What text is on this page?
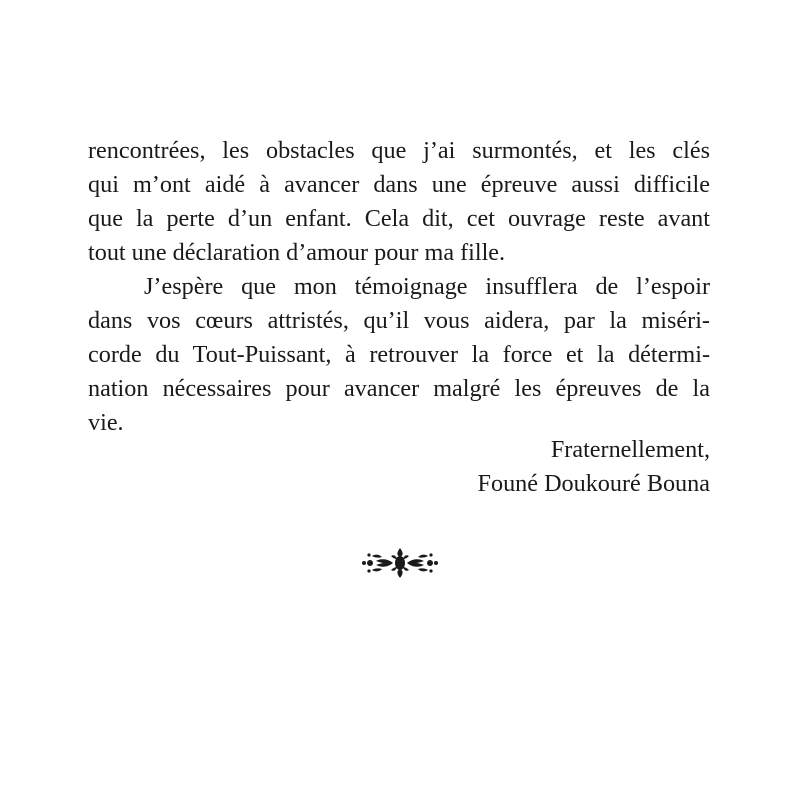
rencontrées, les obstacles que j’ai surmontés, et les clés
qui m’ont aidé à avancer dans une épreuve aussi difficile
que la perte d’un enfant. Cela dit, cet ouvrage reste avant
tout une déclaration d’amour pour ma fille.
J’espère que mon témoignage insufflera de l’espoir
dans vos cœurs attristés, qu’il vous aidera, par la miséri-
corde du Tout-Puissant, à retrouver la force et la détermi-
nation nécessaires pour avancer malgré les épreuves de la
vie.
Fraternellement,
Founé Doukouré Bouna
